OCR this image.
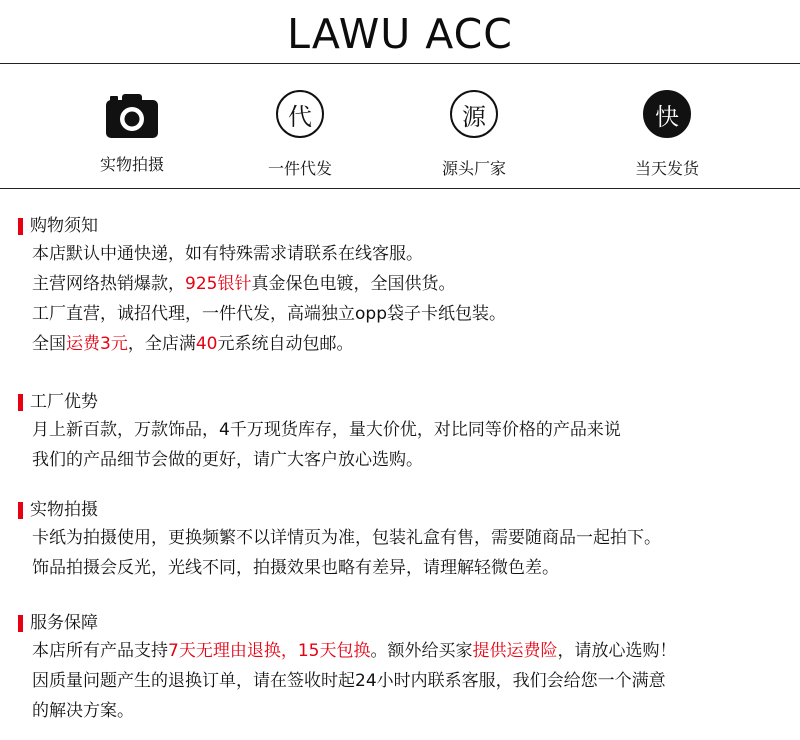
LAWU ACC
实物拍摄
代
一件代发
源
源头厂家
快
当天发货
购物须知
本店默认中通快递，如有特殊需求请联系在线客服。
主营网络热销爆款，925银针真金保色电镀，全国供货。
工厂直营，诚招代理，一件代发，高端独立opp袋子卡纸包装。
全国运费3元，全店满40元系统自动包邮。
工厂优势
月上新百款，万款饰品，4千万现货库存，量大价优，对比同等价格的产品来说
我们的产品细节会做的更好，请广大客户放心选购。
实物拍摄
卡纸为拍摄使用，更换频繁不以详情页为准，包装礼盒有售，需要随商品一起拍下。
饰品拍摄会反光，光线不同，拍摄效果也略有差异，请理解轻微色差。
服务保障
本店所有产品支持7天无理由退换，15天包换。额外给买家提供运费险，请放心选购！
因质量问题产生的退换订单，请在签收时起24小时内联系客服，我们会给您一个满意
的解决方案。
